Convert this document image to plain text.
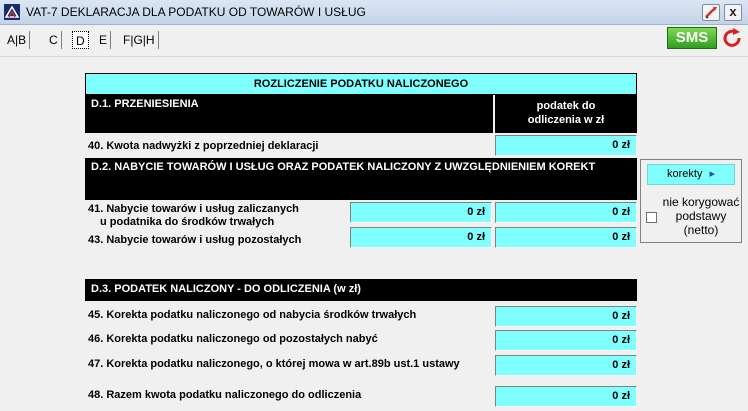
VAT-7 DEKLARACJA DLA PODATKU OD TOWARÓW I USŁUG	x
A|B	C	D	E	F|G|H	SMS
ROZLICZENIE PODATKU NALICZONEGO
D.1. PRZENIESIENIA	podatek do
odliczenia w zł
40. Kwota nadwyżki z poprzedniej deklaracji	0 zł
D.2. NABYCIE TOWARÓW I USŁUG ORAZ PODATEK NALICZONY Z UWZGLĘDNIENIEM KOREKT
41. Nabycie towarów i usług zaliczanych
u podatnika do środków trwałych
0 zł	0 zł
43. Nabycie towarów i usług pozostałych	0 zł	0 zł
korekty ▸
nie korygować
podstawy
(netto)
D.3. PODATEK NALICZONY - DO ODLICZENIA (w zł)
45. Korekta podatku naliczonego od nabycia środków trwałych	0 zł
46. Korekta podatku naliczonego od pozostałych nabyć	0 zł
47. Korekta podatku naliczonego, o której mowa w art.89b ust.1 ustawy	0 zł
48. Razem kwota podatku naliczonego do odliczenia	0 zł
